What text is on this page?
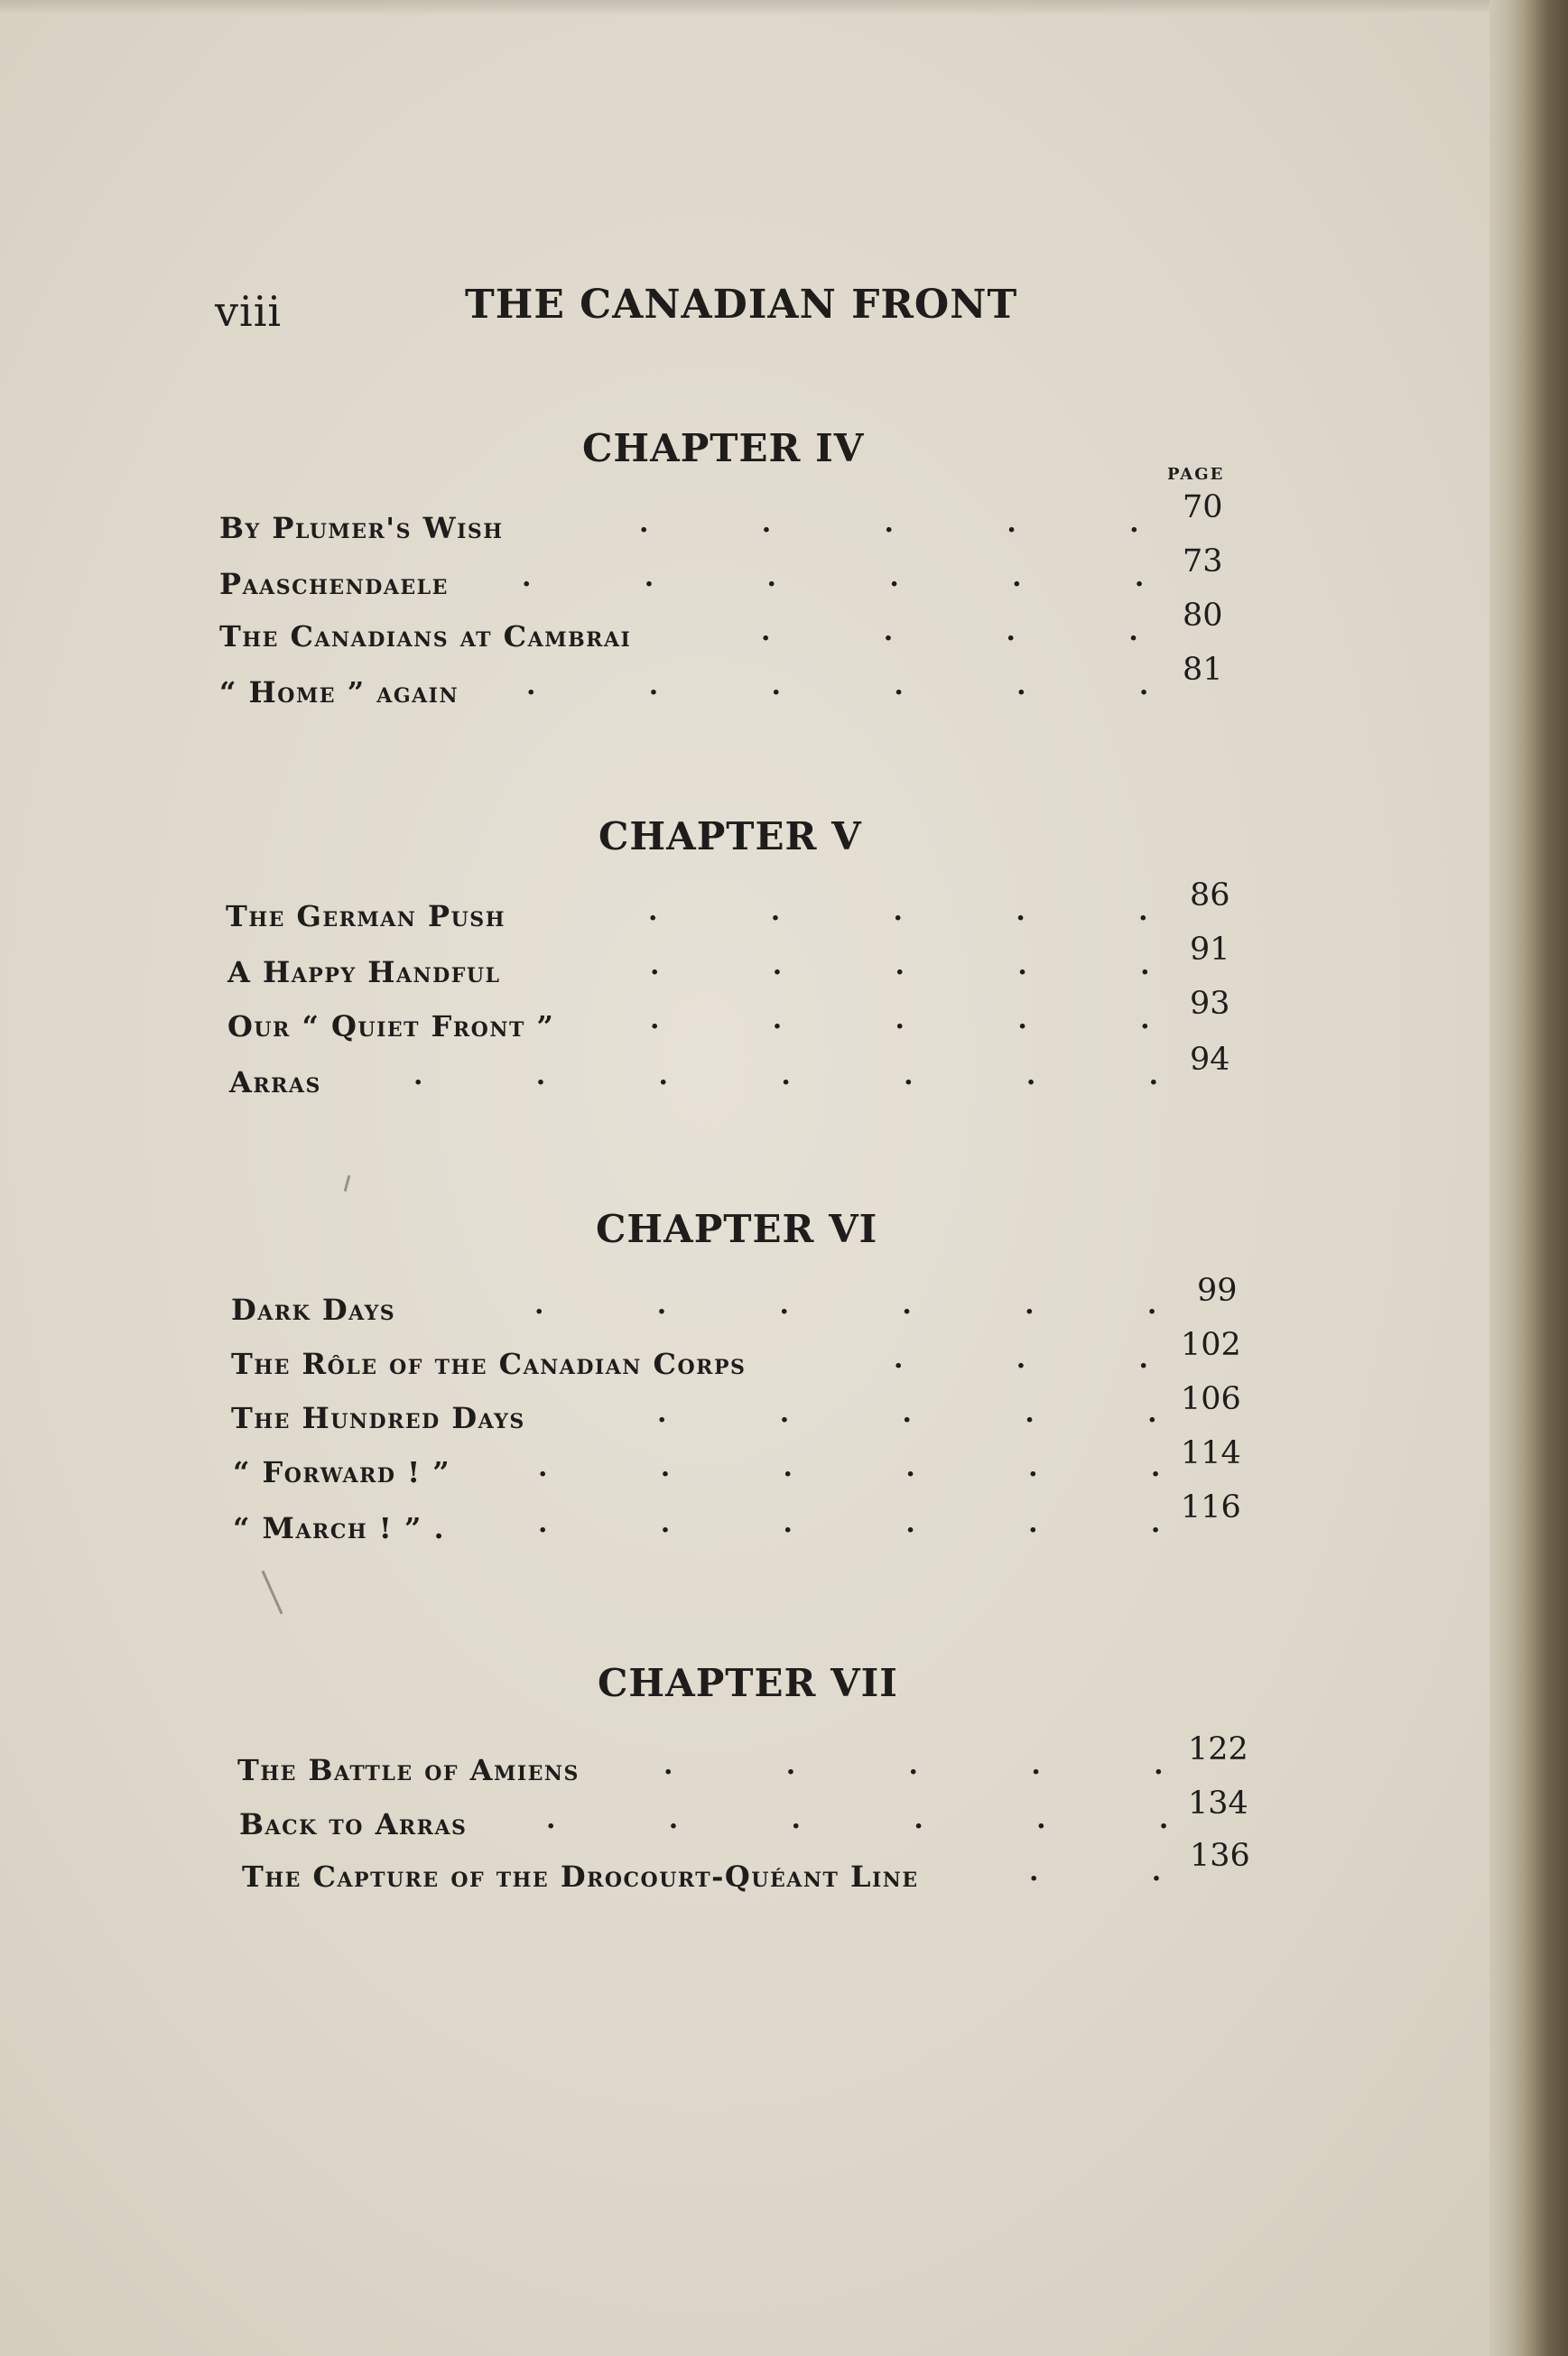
viii	THE CANADIAN FRONT
CHAPTER IV
PAGE
By Plumer's Wish	.            .            .            .            . 70
Paaschendaele	.            .            .            .            .            . 73
The Canadians at Cambrai	.            .            .            . 80
“ Home ” again .            .            .            .            .            . 81
CHAPTER V
The German Push	.            .            .            .            . 86
A Happy Handful	.            .            .            .            . 91
Our “ Quiet Front ”	.            .            .            .            . 93
Arras	.            .            .            .            .            .            . 94
CHAPTER VI
Dark Days	.            .            .            .            .            . 99
The Rôle of the Canadian Corps	.            .            . 102
The Hundred Days	.            .            .            .            . 106
“ Forward ! ”	.            .            .            .            .            . 114
“ March ! ” .	.            .            .            .            .            . 116
CHAPTER VII
The Battle of Amiens	.            .            .            .            . 122
Back to Arras	.            .            .            .            .            . 134
The Capture of the Drocourt-Quéant Line	.            . 136
